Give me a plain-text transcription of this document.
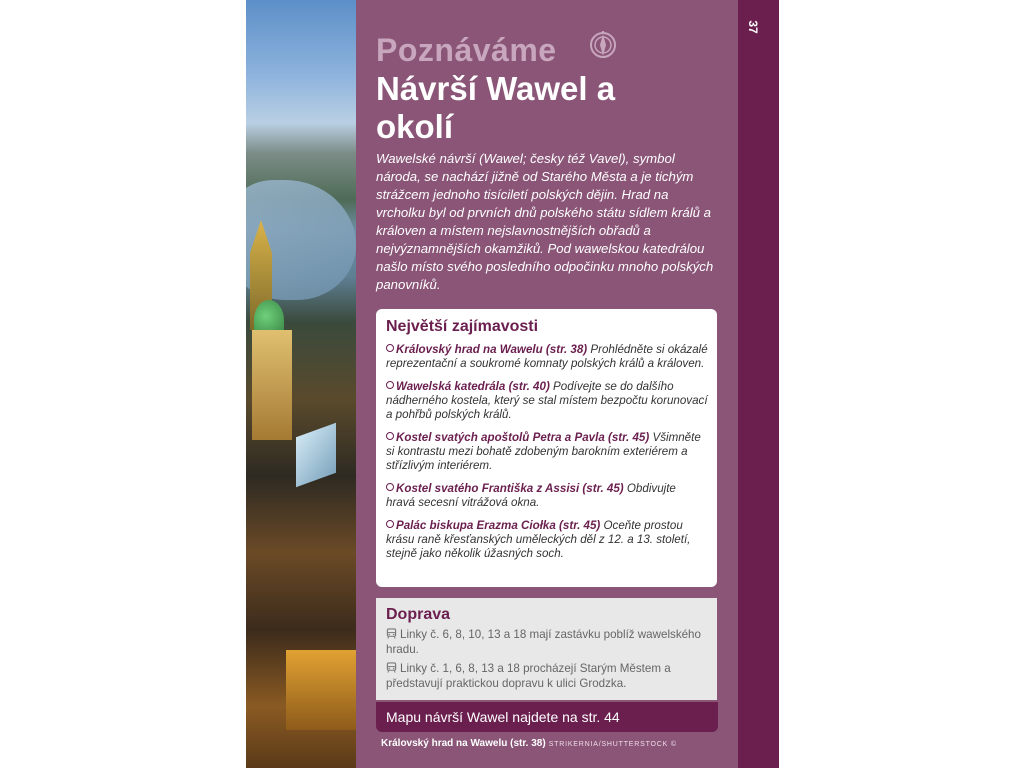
37
Poznáváme
Návrší Wawel a okolí
Wawelské návrší (Wawel; česky též Vavel), symbol národa, se nachází jižně od Starého Města a je tichým strážcem jednoho tisíciletí polských dějin. Hrad na vrcholku byl od prvních dnů polského státu sídlem králů a královen a místem nejslavnostnějších obřadů a nejvýznamnějších okamžiků. Pod wawelskou katedrálou našlo místo svého posledního odpočinku mnoho polských panovníků.
Největší zajímavosti
Královský hrad na Wawelu (str. 38) Prohlédněte si okázalé reprezentační a soukromé komnaty polských králů a královen.
Wawelská katedrála (str. 40) Podívejte se do dalšího nádherného kostela, který se stal místem bezpočtu korunovací a pohřbů polských králů.
Kostel svatých apoštolů Petra a Pavla (str. 45) Všimněte si kontrastu mezi bohatě zdobeným barokním exteriérem a střízlivým interiérem.
Kostel svatého Františka z Assisi (str. 45) Obdivujte hravá secesní vitrážová okna.
Palác biskupa Erazma Ciołka (str. 45) Oceňte prostou krásu raně křesťanských uměleckých děl z 12. a 13. století, stejně jako několik úžasných soch.
Doprava
Linky č. 6, 8, 10, 13 a 18 mají zastávku poblíž wawelského hradu.
Linky č. 1, 6, 8, 13 a 18 procházejí Starým Městem a představují praktickou dopravu k ulici Grodzka.
Mapu návrší Wawel najdete na str. 44
Královský hrad na Wawelu (str. 38) STRIKERNIA/SHUTTERSTOCK ©
